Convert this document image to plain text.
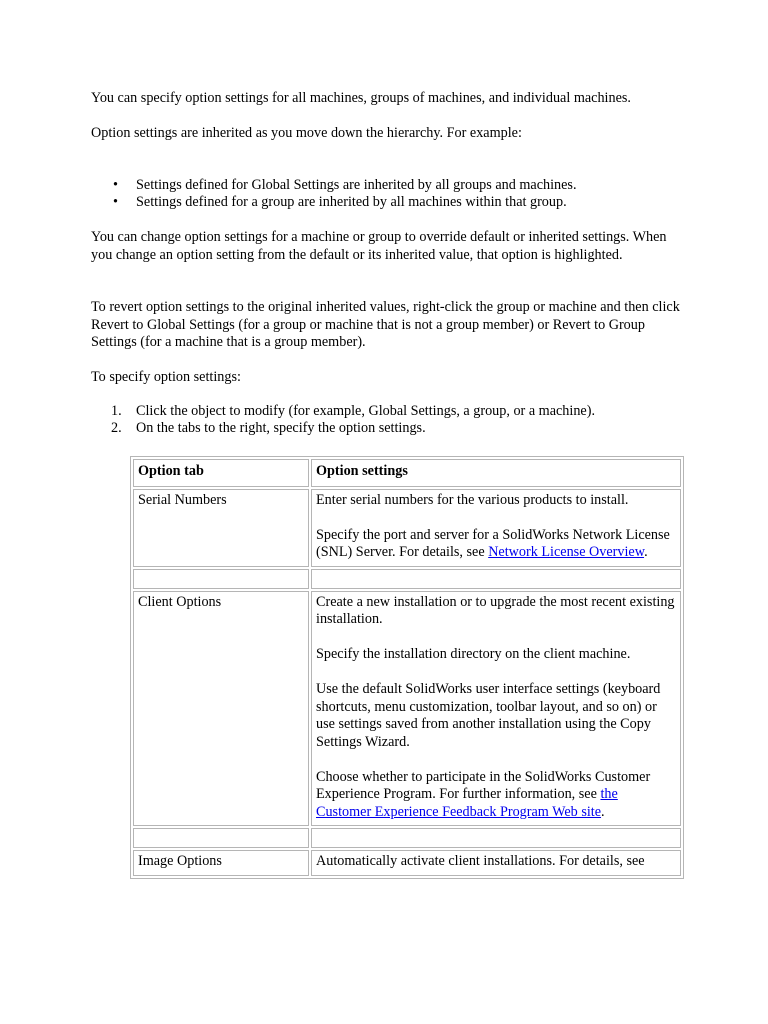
You can specify option settings for all machines, groups of machines, and individual machines.

Option settings are inherited as you move down the hierarchy. For example:

• Settings defined for Global Settings are inherited by all groups and machines.
• Settings defined for a group are inherited by all machines within that group.

You can change option settings for a machine or group to override default or inherited settings. When you change an option setting from the default or its inherited value, that option is highlighted.

To revert option settings to the original inherited values, right-click the group or machine and then click Revert to Global Settings (for a group or machine that is not a group member) or Revert to Group Settings (for a machine that is a group member).

To specify option settings:

1. Click the object to modify (for example, Global Settings, a group, or a machine).
2. On the tabs to the right, specify the option settings.
Option tab	Option settings
Serial Numbers	Enter serial numbers for the various products to install.

Specify the port and server for a SolidWorks Network License (SNL) Server. For details, see Network License Overview.

Client Options	Create a new installation or to upgrade the most recent existing installation.

Specify the installation directory on the client machine.

Use the default SolidWorks user interface settings (keyboard shortcuts, menu customization, toolbar layout, and so on) or use settings saved from another installation using the Copy Settings Wizard.

Choose whether to participate in the SolidWorks Customer Experience Program. For further information, see the Customer Experience Feedback Program Web site.

Image Options	Automatically activate client installations. For details, see
